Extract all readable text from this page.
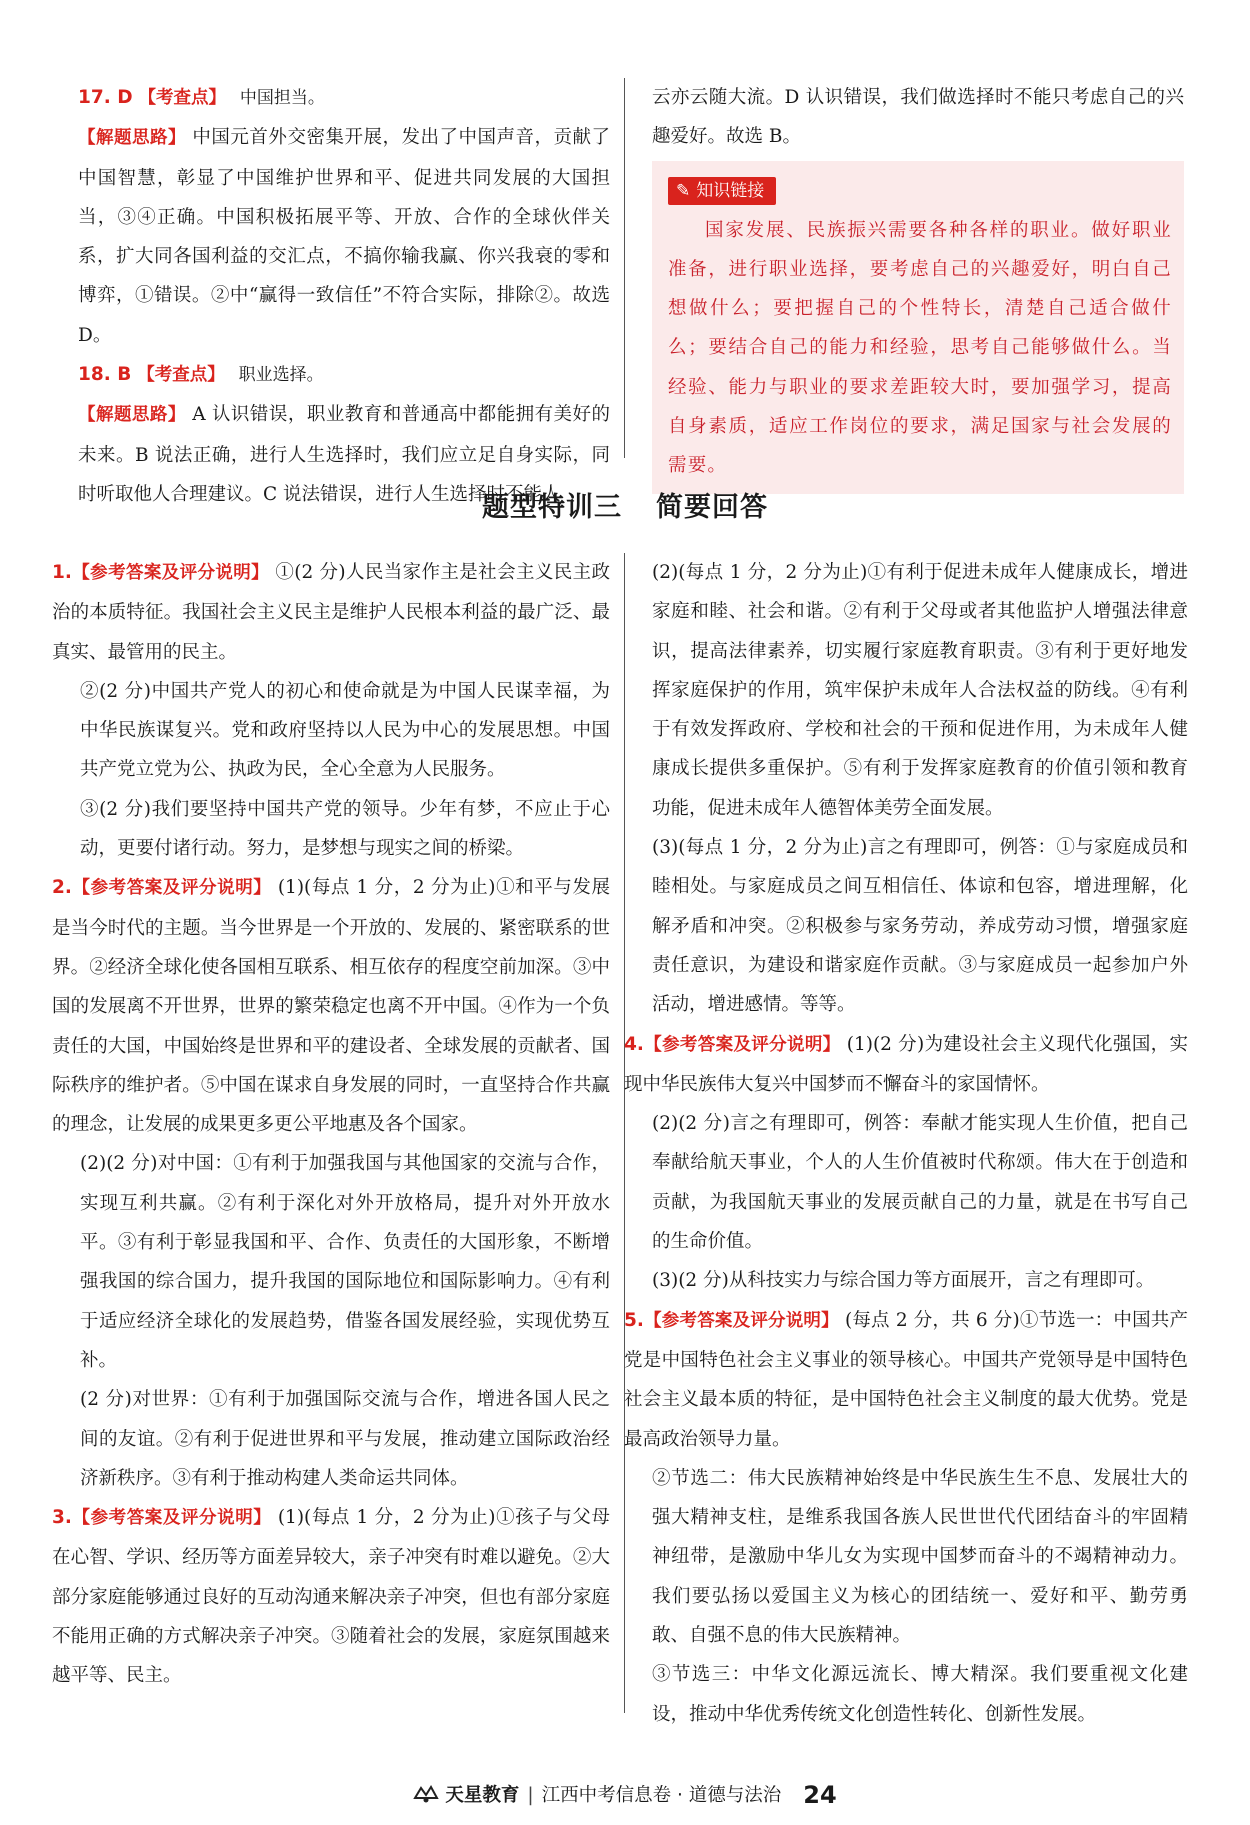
17. D 【考查点】 中国担当。

【解题思路】 中国元首外交密集开展，发出了中国声音，贡献了中国智慧，彰显了中国维护世界和平、促进共同发展的大国担当，③④正确。中国积极拓展平等、开放、合作的全球伙伴关系，扩大同各国利益的交汇点，不搞你输我赢、你兴我衰的零和博弈，①错误。②中“赢得一致信任”不符合实际，排除②。故选 D。

18. B 【考查点】 职业选择。

【解题思路】 A 认识错误，职业教育和普通高中都能拥有美好的未来。B 说法正确，进行人生选择时，我们应立足自身实际，同时听取他人合理建议。C 说法错误，进行人生选择时不能人

云亦云随大流。D 认识错误，我们做选择时不能只考虑自己的兴趣爱好。故选 B。

✎ 知识链接

国家发展、民族振兴需要各种各样的职业。做好职业准备，进行职业选择，要考虑自己的兴趣爱好，明白自己想做什么；要把握自己的个性特长，清楚自己适合做什么；要结合自己的能力和经验，思考自己能够做什么。当经验、能力与职业的要求差距较大时，要加强学习，提高自身素质，适应工作岗位的要求，满足国家与社会发展的需要。

题型特训三 简要回答

1.【参考答案及评分说明】 ①(2 分)人民当家作主是社会主义民主政治的本质特征。我国社会主义民主是维护人民根本利益的最广泛、最真实、最管用的民主。

②(2 分)中国共产党人的初心和使命就是为中国人民谋幸福，为中华民族谋复兴。党和政府坚持以人民为中心的发展思想。中国共产党立党为公、执政为民，全心全意为人民服务。

③(2 分)我们要坚持中国共产党的领导。少年有梦，不应止于心动，更要付诸行动。努力，是梦想与现实之间的桥梁。

2.【参考答案及评分说明】 (1)(每点 1 分，2 分为止)①和平与发展是当今时代的主题。当今世界是一个开放的、发展的、紧密联系的世界。②经济全球化使各国相互联系、相互依存的程度空前加深。③中国的发展离不开世界，世界的繁荣稳定也离不开中国。④作为一个负责任的大国，中国始终是世界和平的建设者、全球发展的贡献者、国际秩序的维护者。⑤中国在谋求自身发展的同时，一直坚持合作共赢的理念，让发展的成果更多更公平地惠及各个国家。

(2)(2 分)对中国：①有利于加强我国与其他国家的交流与合作，实现互利共赢。②有利于深化对外开放格局，提升对外开放水平。③有利于彰显我国和平、合作、负责任的大国形象，不断增强我国的综合国力，提升我国的国际地位和国际影响力。④有利于适应经济全球化的发展趋势，借鉴各国发展经验，实现优势互补。

(2 分)对世界：①有利于加强国际交流与合作，增进各国人民之间的友谊。②有利于促进世界和平与发展，推动建立国际政治经济新秩序。③有利于推动构建人类命运共同体。

3.【参考答案及评分说明】 (1)(每点 1 分，2 分为止)①孩子与父母在心智、学识、经历等方面差异较大，亲子冲突有时难以避免。②大部分家庭能够通过良好的互动沟通来解决亲子冲突，但也有部分家庭不能用正确的方式解决亲子冲突。③随着社会的发展，家庭氛围越来越平等、民主。

(2)(每点 1 分，2 分为止)①有利于促进未成年人健康成长，增进家庭和睦、社会和谐。②有利于父母或者其他监护人增强法律意识，提高法律素养，切实履行家庭教育职责。③有利于更好地发挥家庭保护的作用，筑牢保护未成年人合法权益的防线。④有利于有效发挥政府、学校和社会的干预和促进作用，为未成年人健康成长提供多重保护。⑤有利于发挥家庭教育的价值引领和教育功能，促进未成年人德智体美劳全面发展。

(3)(每点 1 分，2 分为止)言之有理即可，例答：①与家庭成员和睦相处。与家庭成员之间互相信任、体谅和包容，增进理解，化解矛盾和冲突。②积极参与家务劳动，养成劳动习惯，增强家庭责任意识，为建设和谐家庭作贡献。③与家庭成员一起参加户外活动，增进感情。等等。

4.【参考答案及评分说明】 (1)(2 分)为建设社会主义现代化强国，实现中华民族伟大复兴中国梦而不懈奋斗的家国情怀。

(2)(2 分)言之有理即可，例答：奉献才能实现人生价值，把自己奉献给航天事业，个人的人生价值被时代称颂。伟大在于创造和贡献，为我国航天事业的发展贡献自己的力量，就是在书写自己的生命价值。

(3)(2 分)从科技实力与综合国力等方面展开，言之有理即可。

5.【参考答案及评分说明】 (每点 2 分，共 6 分)①节选一：中国共产党是中国特色社会主义事业的领导核心。中国共产党领导是中国特色社会主义最本质的特征，是中国特色社会主义制度的最大优势。党是最高政治领导力量。

②节选二：伟大民族精神始终是中华民族生生不息、发展壮大的强大精神支柱，是维系我国各族人民世世代代团结奋斗的牢固精神纽带，是激励中华儿女为实现中国梦而奋斗的不竭精神动力。我们要弘扬以爱国主义为核心的团结统一、爱好和平、勤劳勇敢、自强不息的伟大民族精神。

③节选三：中华文化源远流长、博大精深。我们要重视文化建设，推动中华优秀传统文化创造性转化、创新性发展。

天星教育 | 江西中考信息卷 · 道德与法治 24
